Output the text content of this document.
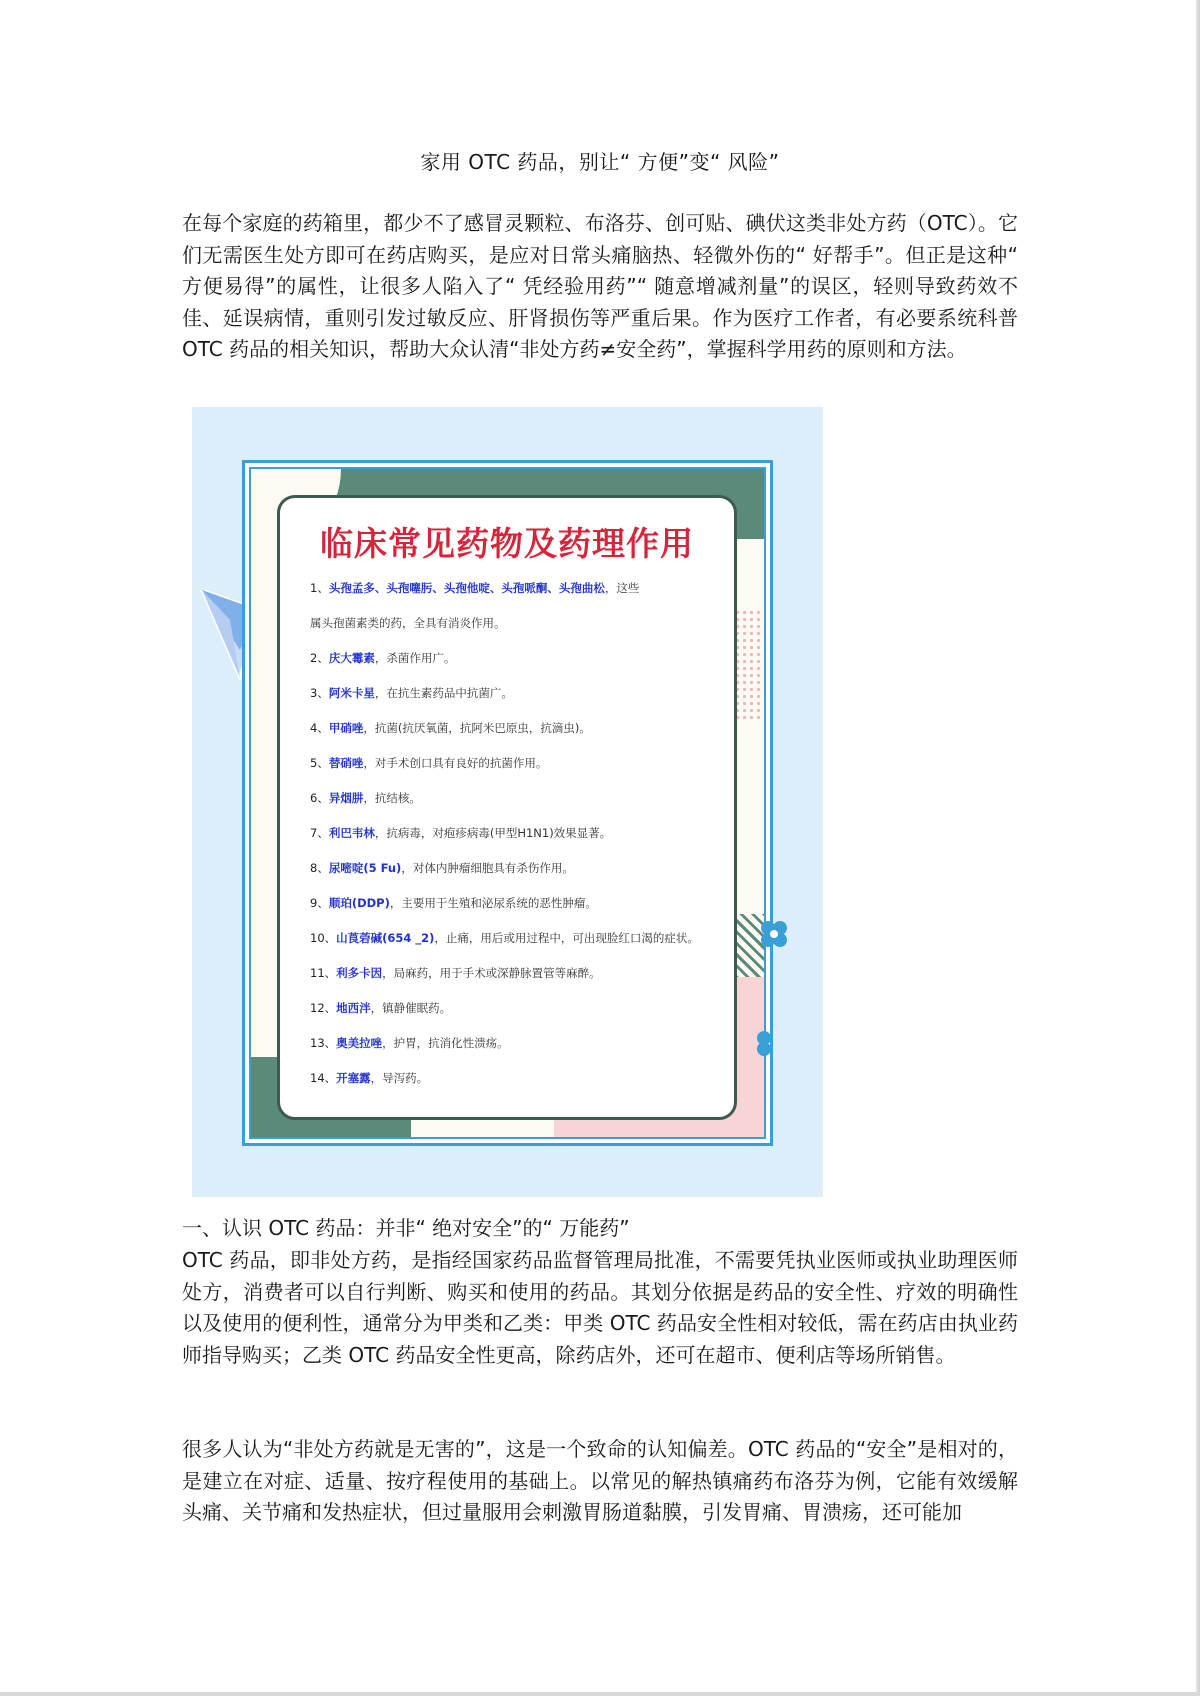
家用 OTC 药品，别让“ 方便”变“ 风险”

在每个家庭的药箱里，都少不了感冒灵颗粒、布洛芬、创可贴、碘伏这类非处方药（OTC）。它们无需医生处方即可在药店购买，是应对日常头痛脑热、轻微外伤的“ 好帮手”。但正是这种“ 方便易得”的属性，让很多人陷入了“ 凭经验用药”“ 随意增减剂量”的误区，轻则导致药效不佳、延误病情，重则引发过敏反应、肝肾损伤等严重后果。作为医疗工作者，有必要系统科普 OTC 药品的相关知识，帮助大众认清“非处方药≠安全药”，掌握科学用药的原则和方法。

临床常见药物及药理作用
1、头孢孟多、头孢噻肟、头孢他啶、头孢哌酮、头孢曲松，这些
属头孢菌素类的药，全具有消炎作用。
2、庆大霉素，杀菌作用广。
3、阿米卡星，在抗生素药品中抗菌广。
4、甲硝唑，抗菌(抗厌氧菌，抗阿米巴原虫，抗滴虫)。
5、替硝唑，对手术创口具有良好的抗菌作用。
6、异烟肼，抗结核。
7、利巴韦林，抗病毒，对疱疹病毒(甲型H1N1)效果显著。
8、尿嘧啶(5 Fu)，对体内肿瘤细胞具有杀伤作用。
9、顺珀(DDP)，主要用于生殖和泌尿系统的恶性肿瘤。
10、山莨菪碱(654 _2)，止痛，用后或用过程中，可出现脸红口渴的症状。
11、利多卡因，局麻药，用于手术或深静脉置管等麻醉。
12、地西泮，镇静催眠药。
13、奥美拉唑，护胃，抗消化性溃疡。
14、开塞露，导泻药。
一、认识 OTC 药品：并非“ 绝对安全”的“ 万能药”

OTC 药品，即非处方药，是指经国家药品监督管理局批准，不需要凭执业医师或执业助理医师处方，消费者可以自行判断、购买和使用的药品。其划分依据是药品的安全性、疗效的明确性以及使用的便利性，通常分为甲类和乙类：甲类 OTC 药品安全性相对较低，需在药店由执业药师指导购买；乙类 OTC 药品安全性更高，除药店外，还可在超市、便利店等场所销售。

很多人认为“非处方药就是无害的”，这是一个致命的认知偏差。OTC 药品的“安全”是相对的，是建立在对症、适量、按疗程使用的基础上。以常见的解热镇痛药布洛芬为例，它能有效缓解头痛、关节痛和发热症状，但过量服用会刺激胃肠道黏膜，引发胃痛、胃溃疡，还可能加
